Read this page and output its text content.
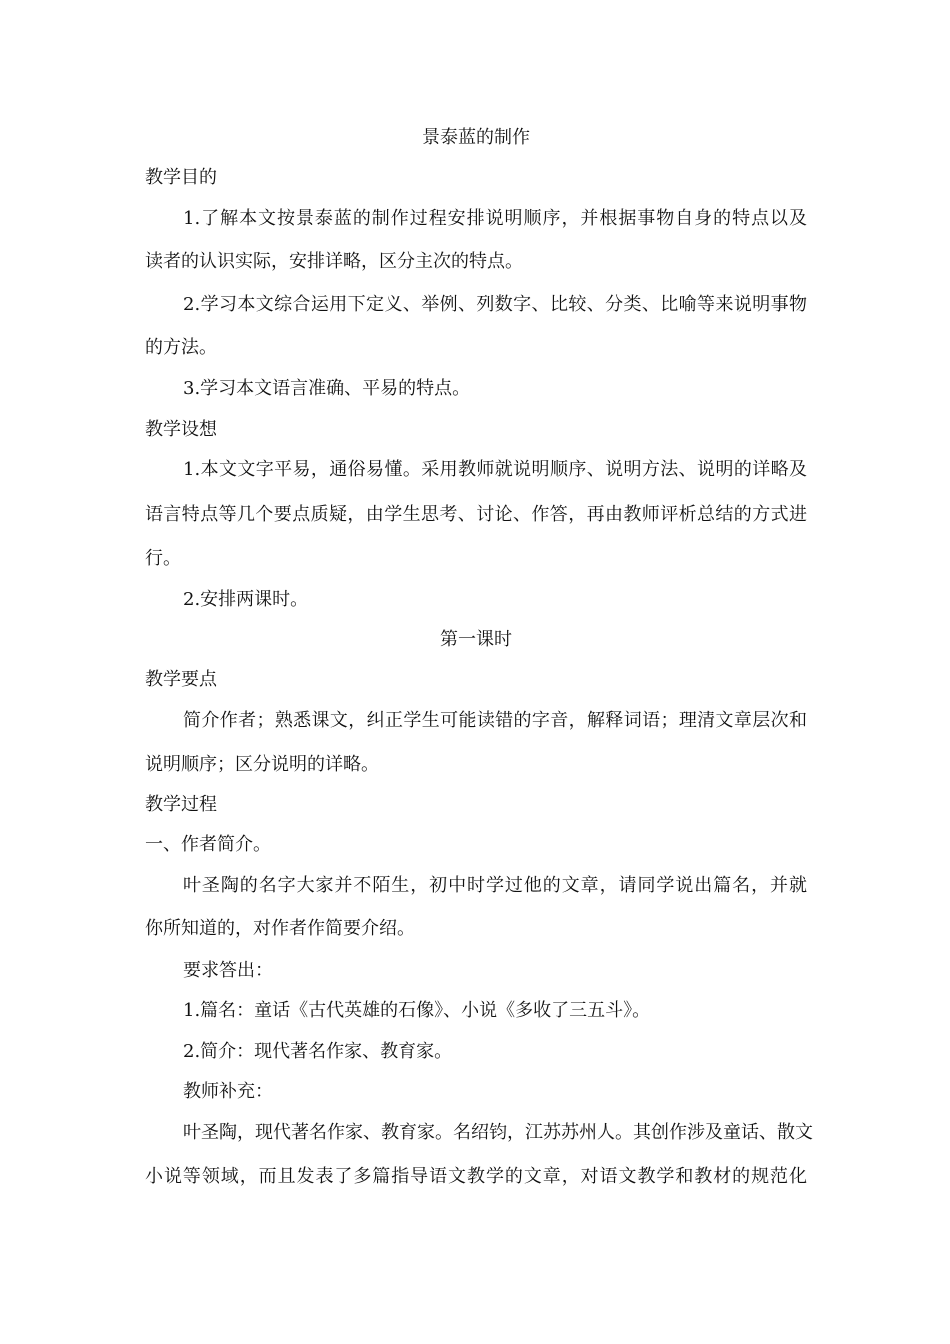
景泰蓝的制作
教学目的
1.了解本文按景泰蓝的制作过程安排说明顺序，并根据事物自身的特点以及
读者的认识实际，安排详略，区分主次的特点。
2.学习本文综合运用下定义、举例、列数字、比较、分类、比喻等来说明事物
的方法。
3.学习本文语言准确、平易的特点。
教学设想
1.本文文字平易，通俗易懂。采用教师就说明顺序、说明方法、说明的详略及
语言特点等几个要点质疑，由学生思考、讨论、作答，再由教师评析总结的方式进
行。
2.安排两课时。
第一课时
教学要点
简介作者；熟悉课文，纠正学生可能读错的字音，解释词语；理清文章层次和
说明顺序；区分说明的详略。
教学过程
一、作者简介。
叶圣陶的名字大家并不陌生，初中时学过他的文章，请同学说出篇名，并就
你所知道的，对作者作简要介绍。
要求答出：
1.篇名：童话《古代英雄的石像》、小说《多收了三五斗》。
2.简介：现代著名作家、教育家。
教师补充：
叶圣陶，现代著名作家、教育家。名绍钧，江苏苏州人。其创作涉及童话、散文
小说等领域，而且发表了多篇指导语文教学的文章，对语文教学和教材的规范化
